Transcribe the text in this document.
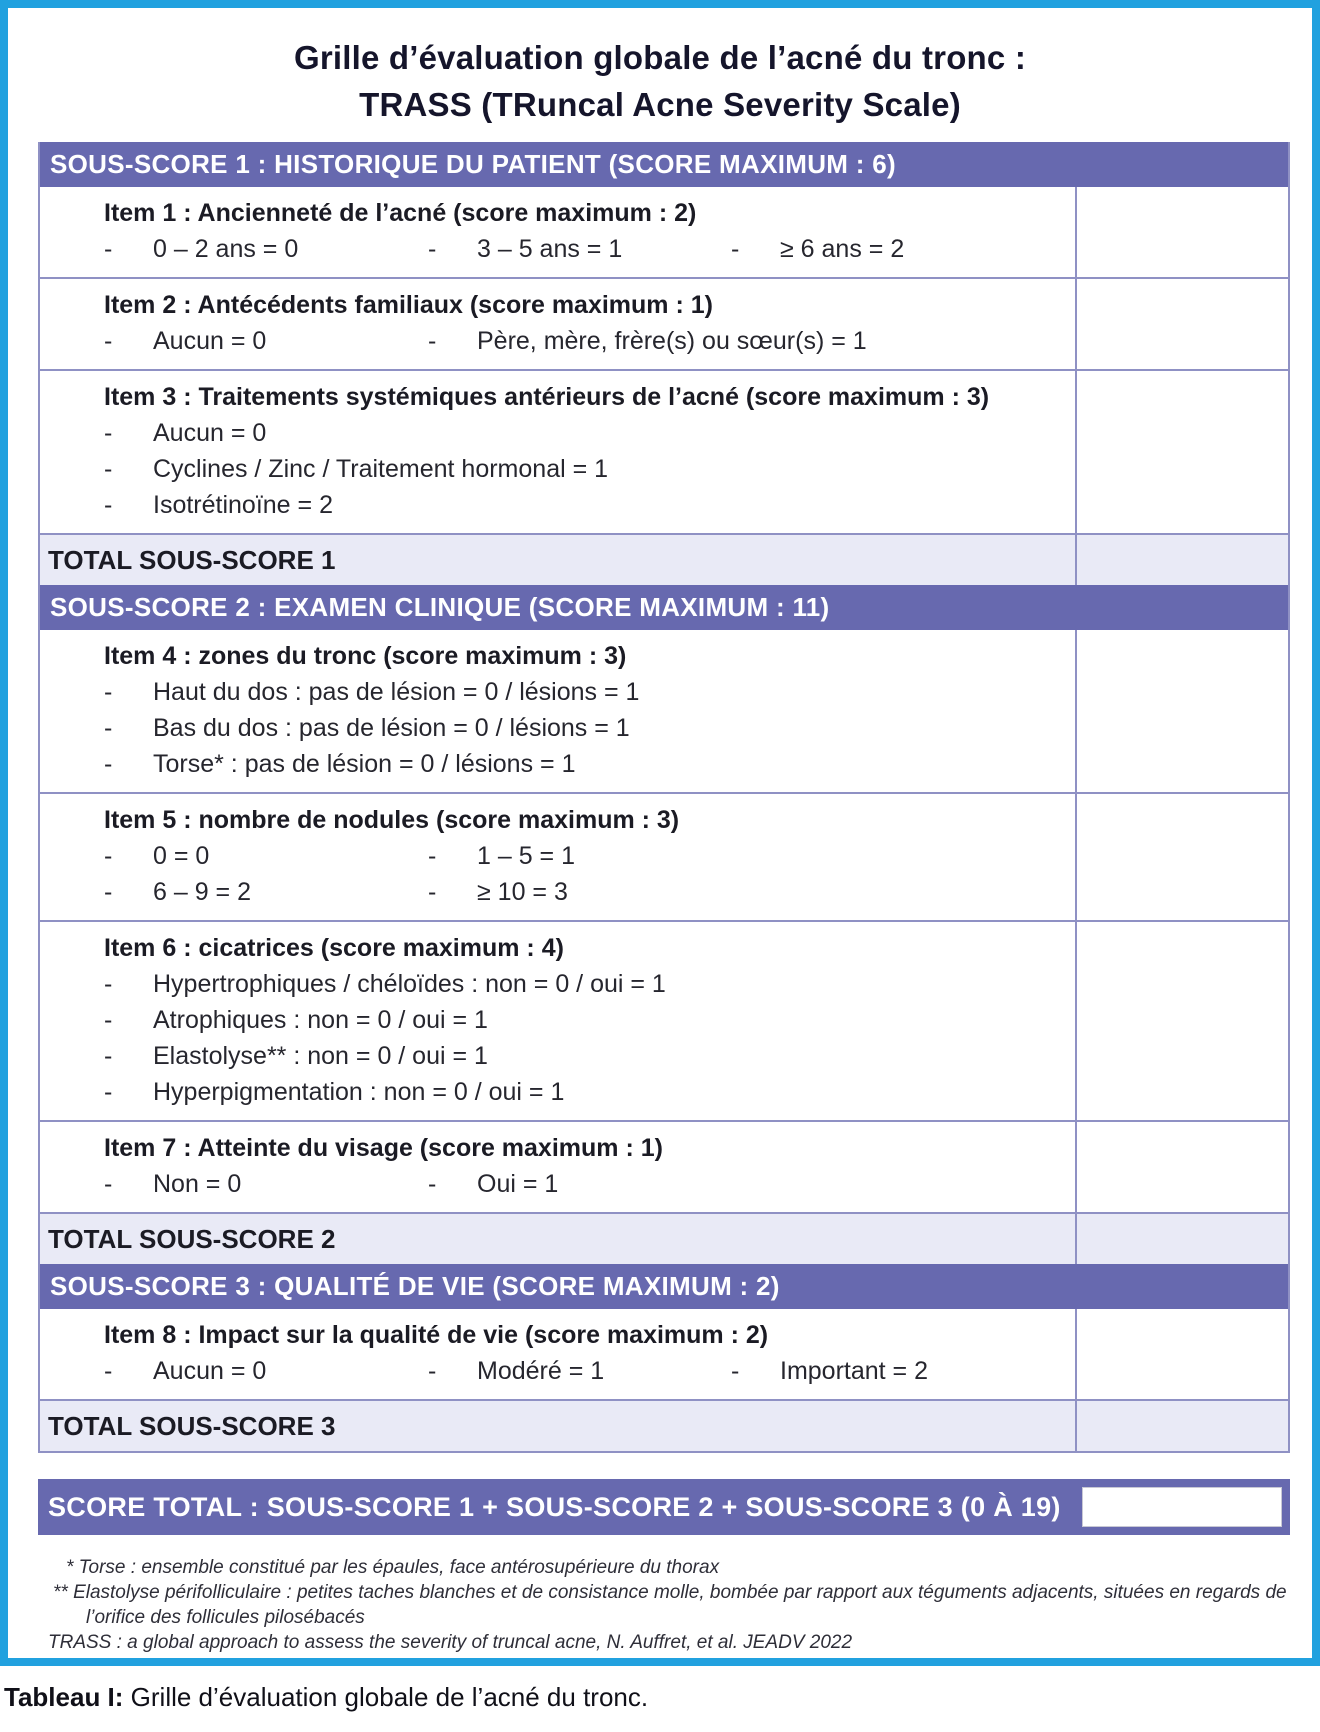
Grille d’évaluation globale de l’acné du tronc :
TRASS (TRuncal Acne Severity Scale)
SOUS-SCORE 1 : HISTORIQUE DU PATIENT (SCORE MAXIMUM : 6)
Item 1 : Ancienneté de l’acné (score maximum : 2)
- 0 – 2 ans = 0	- 3 – 5 ans = 1	- ≥ 6 ans = 2
Item 2 : Antécédents familiaux (score maximum : 1)
- Aucun = 0	- Père, mère, frère(s) ou sœur(s) = 1
Item 3 : Traitements systémiques antérieurs de l’acné (score maximum : 3)
- Aucun = 0
- Cyclines / Zinc / Traitement hormonal = 1
- Isotrétinoïne = 2
TOTAL SOUS-SCORE 1
SOUS-SCORE 2 : EXAMEN CLINIQUE (SCORE MAXIMUM : 11)
Item 4 : zones du tronc (score maximum : 3)
- Haut du dos : pas de lésion = 0 / lésions = 1
- Bas du dos : pas de lésion = 0 / lésions = 1
- Torse* : pas de lésion = 0 / lésions = 1
Item 5 : nombre de nodules (score maximum : 3)
- 0 = 0	- 1 – 5 = 1
- 6 – 9 = 2	- ≥ 10 = 3
Item 6 : cicatrices (score maximum : 4)
- Hypertrophiques / chéloïdes : non = 0 / oui = 1
- Atrophiques : non = 0 / oui = 1
- Elastolyse** : non = 0 / oui = 1
- Hyperpigmentation : non = 0 / oui = 1
Item 7 : Atteinte du visage (score maximum : 1)
- Non = 0	- Oui = 1
TOTAL SOUS-SCORE 2
SOUS-SCORE 3 : QUALITÉ DE VIE (SCORE MAXIMUM : 2)
Item 8 : Impact sur la qualité de vie (score maximum : 2)
- Aucun = 0	- Modéré = 1	- Important = 2
TOTAL SOUS-SCORE 3
SCORE TOTAL : SOUS-SCORE 1 + SOUS-SCORE 2 + SOUS-SCORE 3 (0 À 19)
* Torse : ensemble constitué par les épaules, face antérosupérieure du thorax
** Elastolyse périfolliculaire : petites taches blanches et de consistance molle, bombée par rapport aux téguments adjacents, situées en regards de l’orifice des follicules pilosébacés
TRASS : a global approach to assess the severity of truncal acne, N. Auffret, et al. JEADV 2022
Tableau I: Grille d’évaluation globale de l’acné du tronc.
